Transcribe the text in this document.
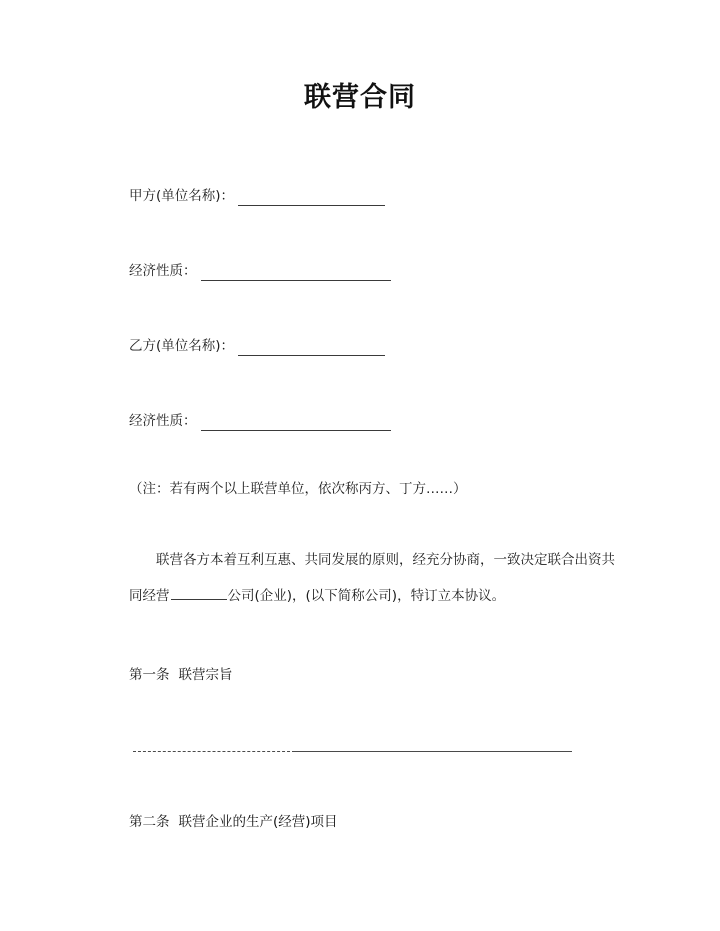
联营合同
甲方(单位名称)：
经济性质：
乙方(单位名称)：
经济性质：
（注：若有两个以上联营单位，依次称丙方、丁方……）
联营各方本着互利互惠、共同发展的原则，经充分协商，一致决定联合出资共同经营	公司(企业)，(以下简称公司)，特订立本协议。
第一条 联营宗旨
第二条 联营企业的生产(经营)项目
